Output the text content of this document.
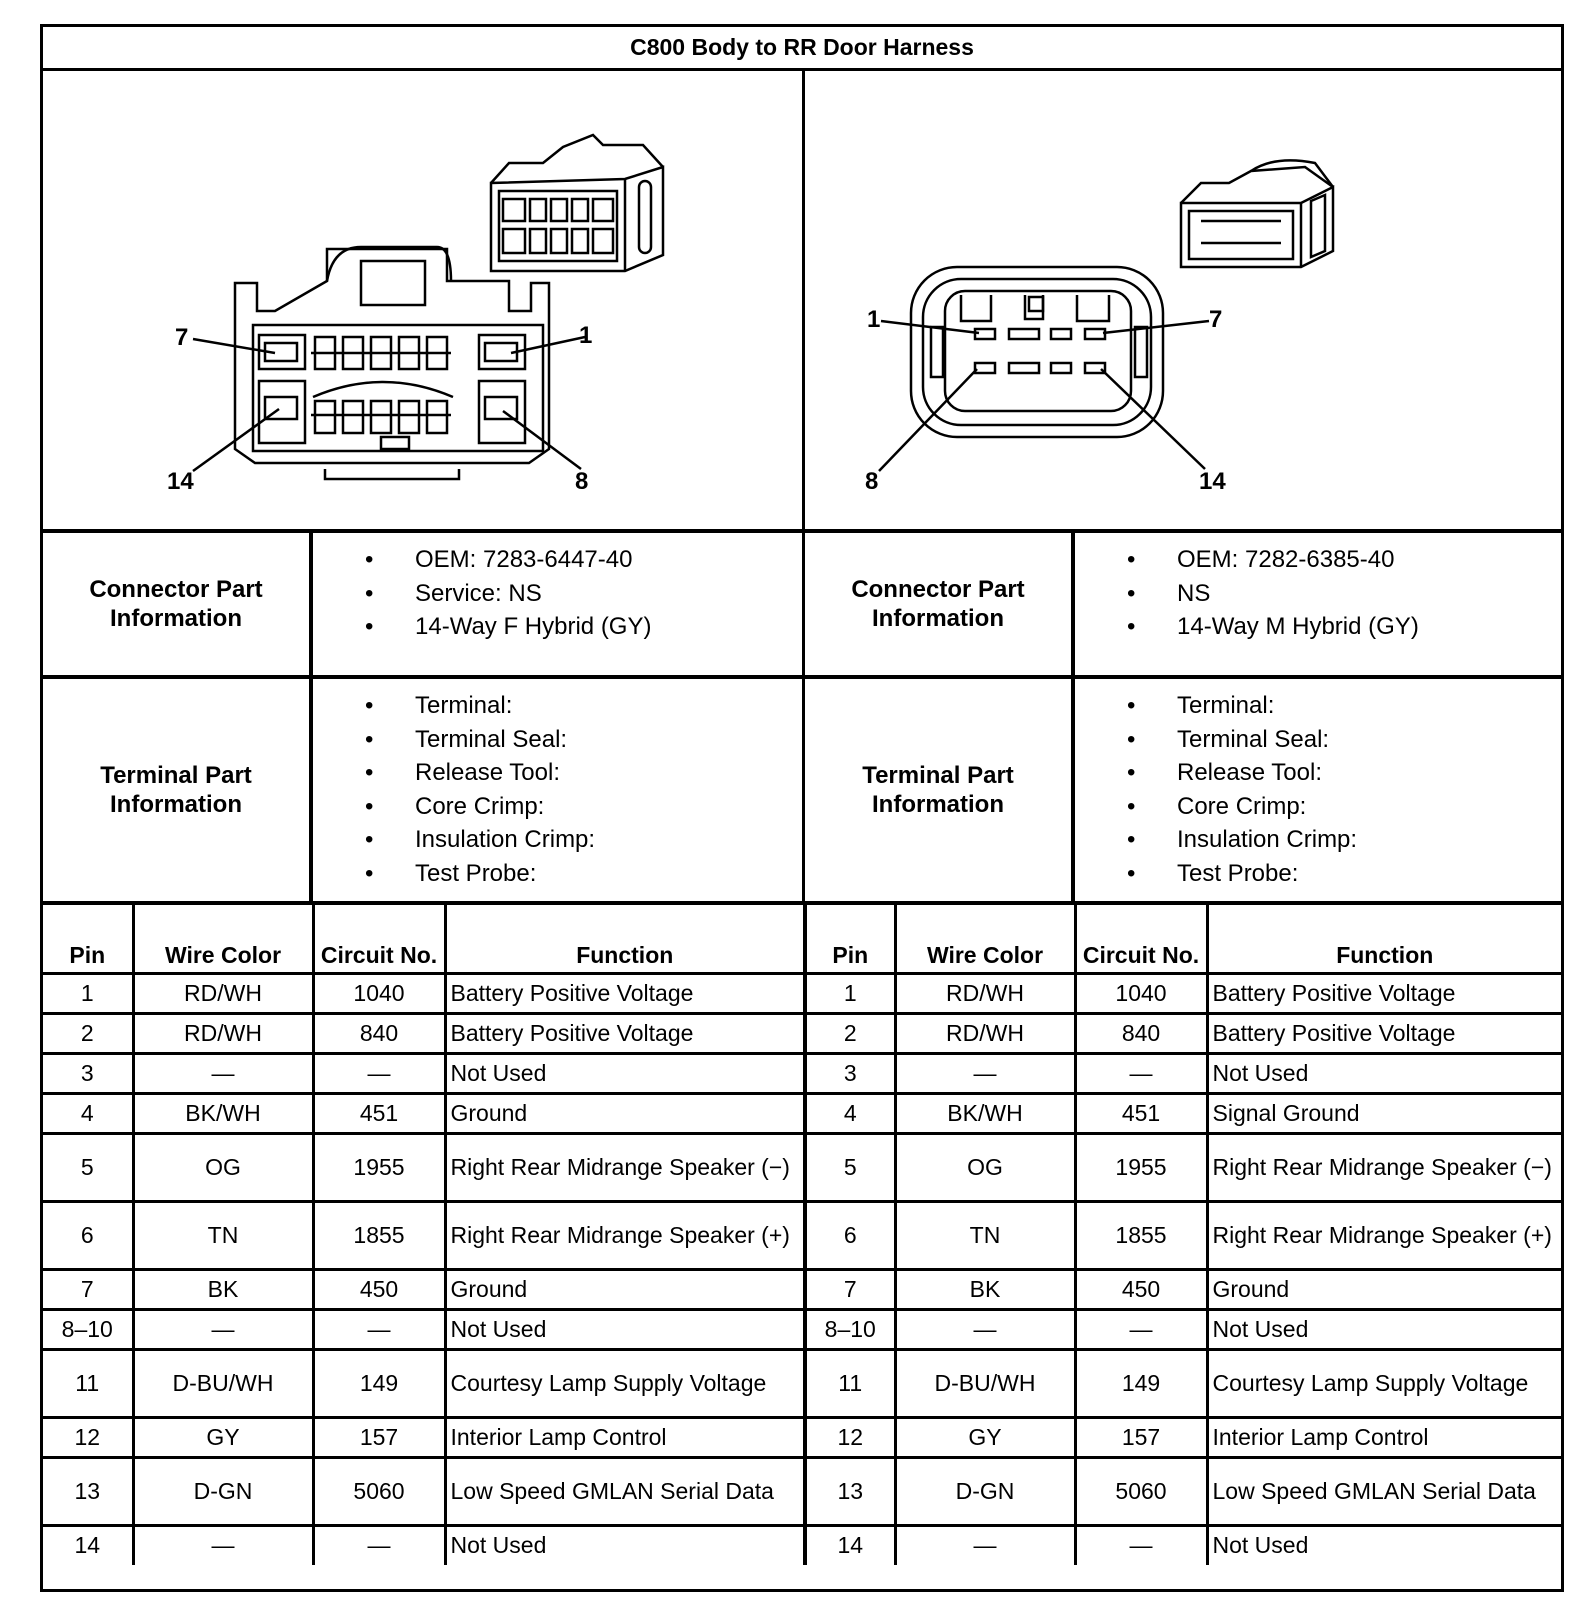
C800 Body to RR Door Harness
7	1
14	8
1	7
8	14
Connector Part Information
• OEM: 7283-6447-40
• Service: NS
• 14-Way F Hybrid (GY)
Connector Part Information
• OEM: 7282-6385-40
• NS
• 14-Way M Hybrid (GY)
Terminal Part Information
• Terminal:
• Terminal Seal:
• Release Tool:
• Core Crimp:
• Insulation Crimp:
• Test Probe:
Terminal Part Information
• Terminal:
• Terminal Seal:
• Release Tool:
• Core Crimp:
• Insulation Crimp:
• Test Probe:
Pin	Wire Color	Circuit No.	Function	Pin	Wire Color	Circuit No.	Function
1	RD/WH	1040	Battery Positive Voltage	1	RD/WH	1040	Battery Positive Voltage
2	RD/WH	840	Battery Positive Voltage	2	RD/WH	840	Battery Positive Voltage
3	—	—	Not Used	3	—	—	Not Used
4	BK/WH	451	Ground	4	BK/WH	451	Signal Ground
5	OG	1955	Right Rear Midrange Speaker (−)	5	OG	1955	Right Rear Midrange Speaker (−)
6	TN	1855	Right Rear Midrange Speaker (+)	6	TN	1855	Right Rear Midrange Speaker (+)
7	BK	450	Ground	7	BK	450	Ground
8–10	—	—	Not Used	8–10	—	—	Not Used
11	D-BU/WH	149	Courtesy Lamp Supply Voltage	11	D-BU/WH	149	Courtesy Lamp Supply Voltage
12	GY	157	Interior Lamp Control	12	GY	157	Interior Lamp Control
13	D-GN	5060	Low Speed GMLAN Serial Data	13	D-GN	5060	Low Speed GMLAN Serial Data
14	—	—	Not Used	14	—	—	Not Used
